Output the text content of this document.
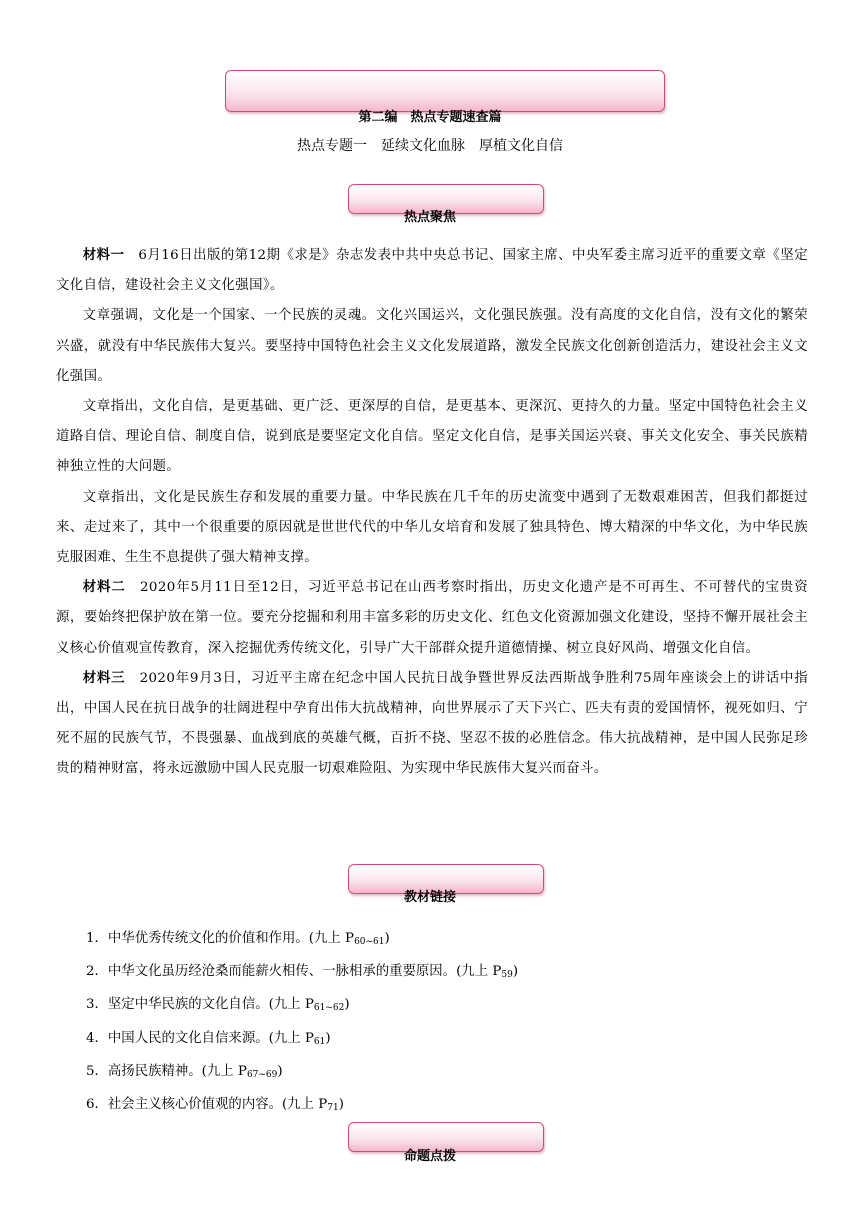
第二编　热点专题速查篇
热点专题一　延续文化血脉　厚植文化自信
热点聚焦

材料一　 6月16日出版的第12期《求是》杂志发表中共中央总书记、国家主席、中央军委主席习近平的重要文章《坚定文化自信，建设社会主义文化强国》。

文章强调，文化是一个国家、一个民族的灵魂。文化兴国运兴，文化强民族强。没有高度的文化自信，没有文化的繁荣兴盛，就没有中华民族伟大复兴。要坚持中国特色社会主义文化发展道路，激发全民族文化创新创造活力，建设社会主义文化强国。

文章指出，文化自信，是更基础、更广泛、更深厚的自信，是更基本、更深沉、更持久的力量。坚定中国特色社会主义道路自信、理论自信、制度自信，说到底是要坚定文化自信。坚定文化自信，是事关国运兴衰、事关文化安全、事关民族精神独立性的大问题。

文章指出，文化是民族生存和发展的重要力量。中华民族在几千年的历史流变中遇到了无数艰难困苦，但我们都挺过来、走过来了，其中一个很重要的原因就是世世代代的中华儿女培育和发展了独具特色、博大精深的中华文化，为中华民族克服困难、生生不息提供了强大精神支撑。

材料二　 2020年5月11日至12日，习近平总书记在山西考察时指出，历史文化遗产是不可再生、不可替代的宝贵资源，要始终把保护放在第一位。要充分挖掘和利用丰富多彩的历史文化、红色文化资源加强文化建设，坚持不懈开展社会主义核心价值观宣传教育，深入挖掘优秀传统文化，引导广大干部群众提升道德情操、树立良好风尚、增强文化自信。

材料三　 2020年9月3日，习近平主席在纪念中国人民抗日战争暨世界反法西斯战争胜利75周年座谈会上的讲话中指出，中国人民在抗日战争的壮阔进程中孕育出伟大抗战精神，向世界展示了天下兴亡、匹夫有责的爱国情怀，视死如归、宁死不屈的民族气节，不畏强暴、血战到底的英雄气概，百折不挠、坚忍不拔的必胜信念。伟大抗战精神，是中国人民弥足珍贵的精神财富，将永远激励中国人民克服一切艰难险阻、为实现中华民族伟大复兴而奋斗。

教材链接
1．中华优秀传统文化的价值和作用。(九上 $P_{60\sim 61}$)
2．中华文化虽历经沧桑而能薪火相传、一脉相承的重要原因。(九上 $P_{59}$)
3．坚定中华民族的文化自信。(九上 $P_{61\sim 62}$)
4．中国人民的文化自信来源。(九上 $P_{61}$)
5．高扬民族精神。(九上 $P_{67\sim 69}$)
6．社会主义核心价值观的内容。(九上 $P_{71}$)
命题点拨
